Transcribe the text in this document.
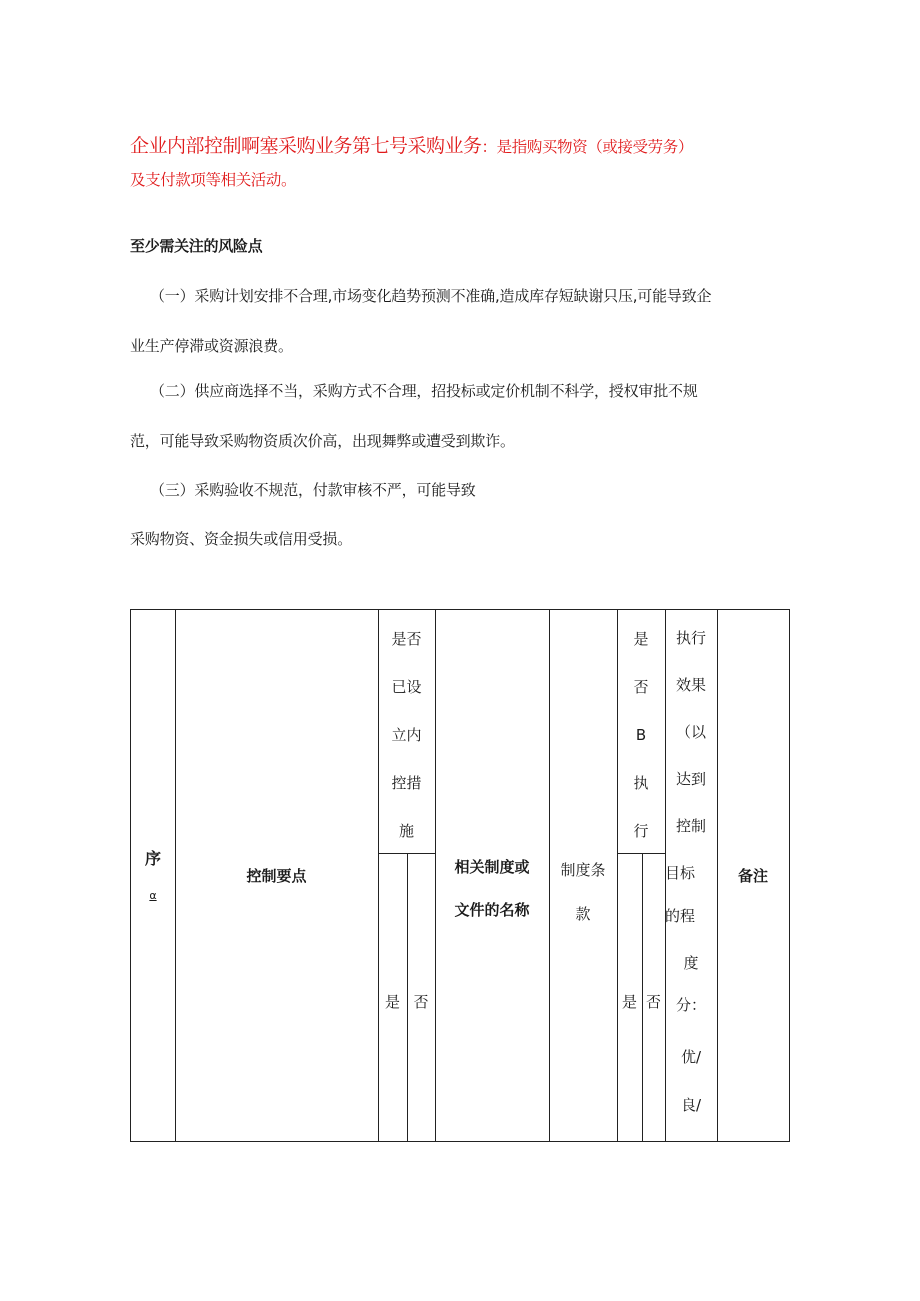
企业内部控制啊塞采购业务第七号采购业务：是指购买物资（或接受劳务）
及支付款项等相关活动。
至少需关注的风险点
（一）采购计划安排不合理,市场变化趋势预测不准确,造成库存短缺谢只压,可能导致企
业生产停滞或资源浪费。
（二）供应商选择不当，采购方式不合理，招投标或定价机制不科学，授权审批不规
范，可能导致采购物资质次价高，出现舞弊或遭受到欺诈。
（三）采购验收不规范，付款审核不严，可能导致
采购物资、资金损失或信用受损。
序
α
控制要点
是否
已设
立内
控措
施
是 否
相关制度或
文件的名称
制度条
款
是
否
B
执
行
是 否
执行
效果
（以
达到
控制
目标
的程
度
分：
优/
良/
备注
